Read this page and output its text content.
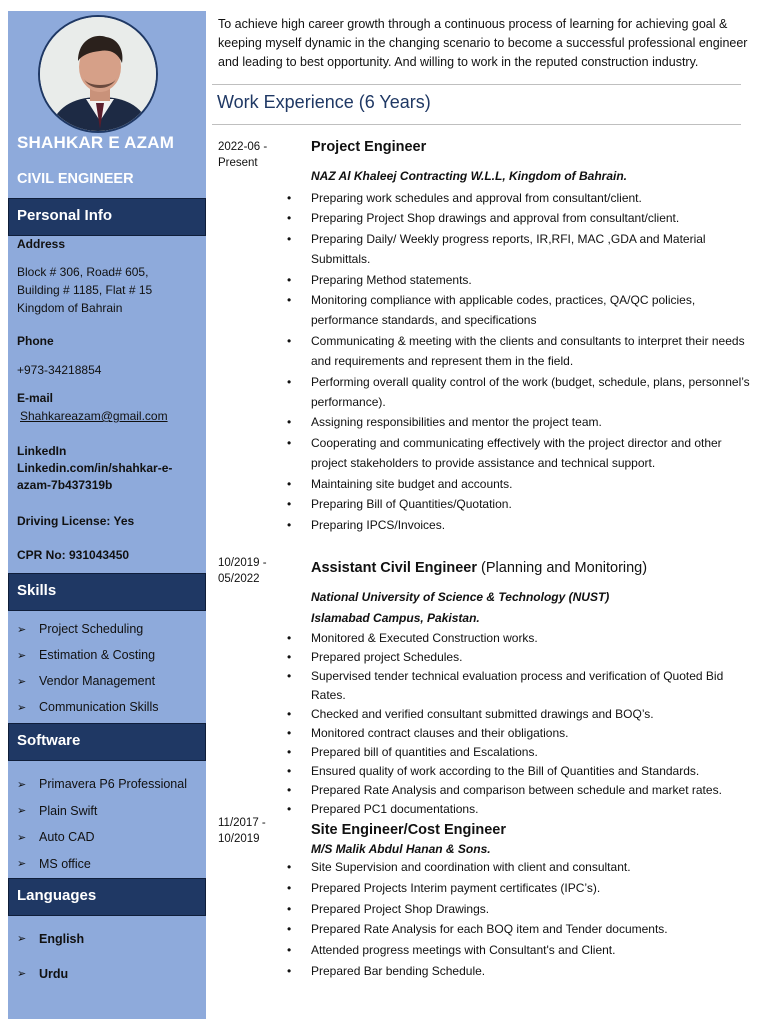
SHAHKAR E AZAM
CIVIL ENGINEER
Personal Info
Address
Block # 306, Road# 605,
Building # 1185, Flat # 15
Kingdom of Bahrain
Phone
+973-34218854
E-mail
Shahkareazam@gmail.com
LinkedIn
Linkedin.com/in/shahkar-e-
azam-7b437319b
Driving License: Yes
CPR No: 931043450
Skills
➢	Project Scheduling
➢	Estimation & Costing
➢	Vendor Management
➢	Communication Skills
Software
➢	Primavera P6 Professional
➢	Plain Swift
➢	Auto CAD
➢	MS office
Languages
➢	English
➢	Urdu
To achieve high career growth through a continuous process of learning for achieving goal & keeping myself dynamic in the changing scenario to become a successful professional engineer and leading to best opportunity. And willing to work in the reputed construction industry.
Work Experience (6 Years)
2022-06 -
Present
Project Engineer
NAZ Al Khaleej Contracting W.L.L, Kingdom of Bahrain.
• Preparing work schedules and approval from consultant/client.
• Preparing Project Shop drawings and approval from consultant/client.
• Preparing Daily/ Weekly progress reports, IR,RFI, MAC ,GDA and Material Submittals.
• Preparing Method statements.
• Monitoring compliance with applicable codes, practices, QA/QC policies, performance standards, and specifications
• Communicating & meeting with the clients and consultants to interpret their needs and requirements and represent them in the field.
• Performing overall quality control of the work (budget, schedule, plans, personnel’s performance).
• Assigning responsibilities and mentor the project team.
• Cooperating and communicating effectively with the project director and other project stakeholders to provide assistance and technical support.
• Maintaining site budget and accounts.
• Preparing Bill of Quantities/Quotation.
• Preparing IPCS/Invoices.
10/2019 -
05/2022
Assistant Civil Engineer (Planning and Monitoring)
National University of Science & Technology (NUST)
Islamabad Campus, Pakistan.
• Monitored & Executed Construction works.
• Prepared project Schedules.
• Supervised tender technical evaluation process and verification of Quoted Bid Rates.
• Checked and verified consultant submitted drawings and BOQ’s.
• Monitored contract clauses and their obligations.
• Prepared bill of quantities and Escalations.
• Ensured quality of work according to the Bill of Quantities and Standards.
• Prepared Rate Analysis and comparison between schedule and market rates.
• Prepared PC1 documentations.
11/2017 -
10/2019
Site Engineer/Cost Engineer
M/S Malik Abdul Hanan & Sons.
• Site Supervision and coordination with client and consultant.
• Prepared Projects Interim payment certificates (IPC’s).
• Prepared Project Shop Drawings.
• Prepared Rate Analysis for each BOQ item and Tender documents.
• Attended progress meetings with Consultant's and Client.
• Prepared Bar bending Schedule.
